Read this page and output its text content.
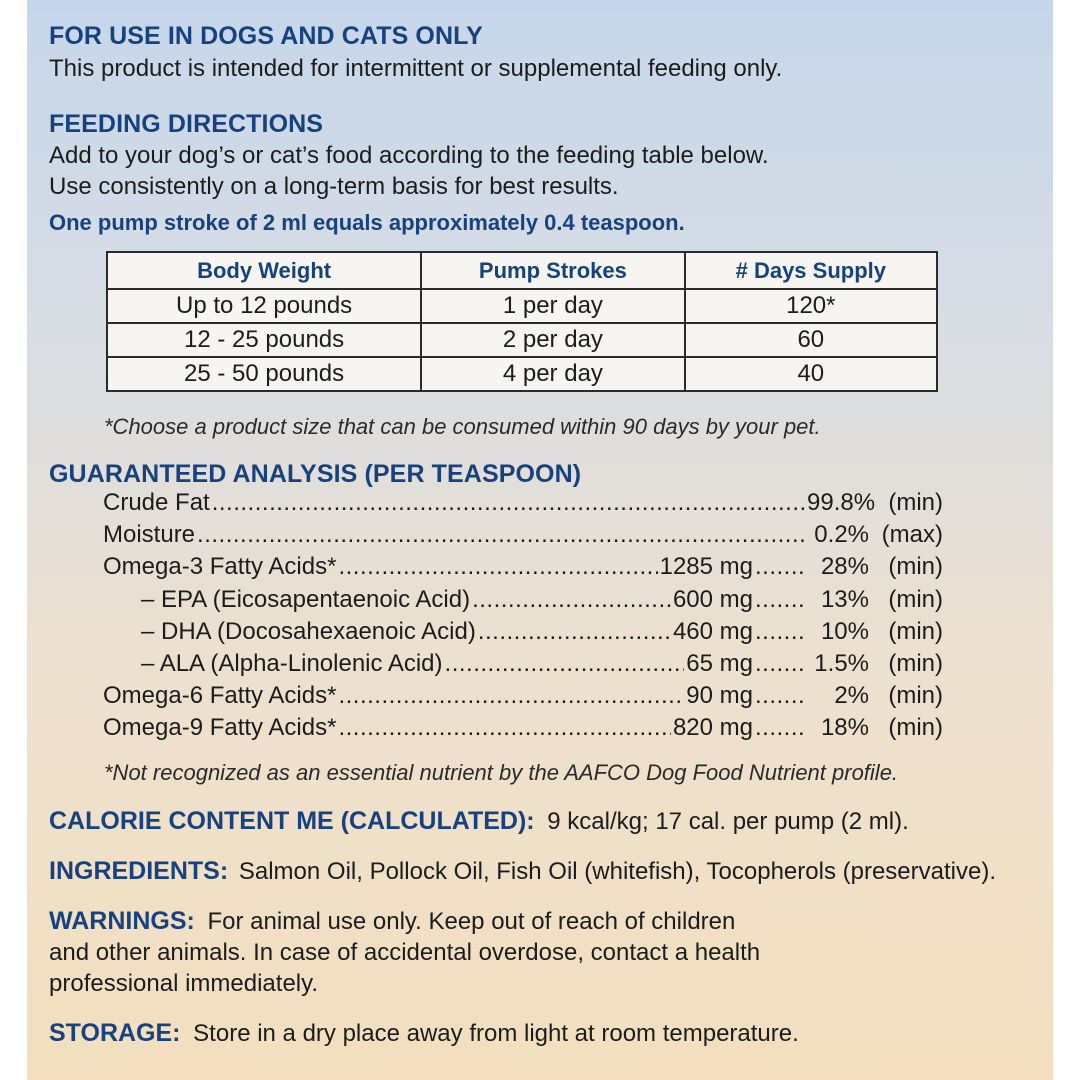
FOR USE IN DOGS AND CATS ONLY
This product is intended for intermittent or supplemental feeding only.
FEEDING DIRECTIONS
Add to your dog’s or cat’s food according to the feeding table below.
Use consistently on a long-term basis for best results.
One pump stroke of 2 ml equals approximately 0.4 teaspoon.
Body Weight	Pump Strokes	# Days Supply
Up to 12 pounds	1 per day	120*
12 - 25 pounds	2 per day	60
25 - 50 pounds	4 per day	40
*Choose a product size that can be consumed within 90 days by your pet.
GUARANTEED ANALYSIS (PER TEASPOON)
Crude Fat .....	99.8% (min)
Moisture .....	0.2% (max)
Omega-3 Fatty Acids* .....	1285 mg .....	28% (min)
– EPA (Eicosapentaenoic Acid) .....	600 mg .....	13% (min)
– DHA (Docosahexaenoic Acid) .....	460 mg .....	10% (min)
– ALA (Alpha-Linolenic Acid) .....	65 mg .....	1.5% (min)
Omega-6 Fatty Acids* .....	90 mg .....	2% (min)
Omega-9 Fatty Acids* .....	820 mg .....	18% (min)
*Not recognized as an essential nutrient by the AAFCO Dog Food Nutrient profile.
CALORIE CONTENT ME (CALCULATED): 9 kcal/kg; 17 cal. per pump (2 ml).
INGREDIENTS: Salmon Oil, Pollock Oil, Fish Oil (whitefish), Tocopherols (preservative).
WARNINGS: For animal use only. Keep out of reach of children
and other animals. In case of accidental overdose, contact a health
professional immediately.
STORAGE: Store in a dry place away from light at room temperature.
